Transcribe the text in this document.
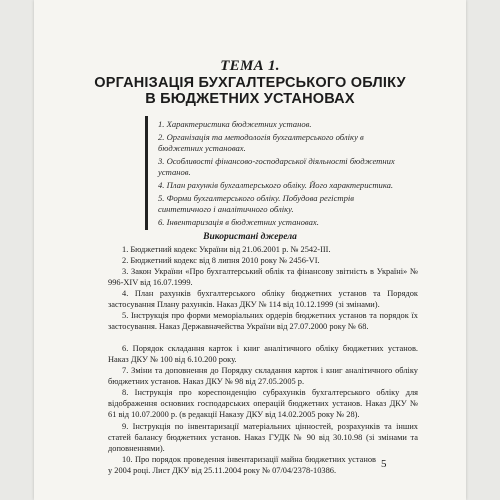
ТЕМА 1.
ОРГАНІЗАЦІЯ БУХГАЛТЕРСЬКОГО ОБЛІКУ
В БЮДЖЕТНИХ УСТАНОВАХ
1. Характеристика бюджетних установ.
2. Організація та методологія бухгалтерського обліку в бюджетних установах.
3. Особливості фінансово-господарської діяльності бюджетних установ.
4. План рахунків бухгалтерського обліку. Його характеристика.
5. Форми бухгалтерського обліку. Побудова регістрів синтетичного і аналітичного обліку.
6. Інвентаризація в бюджетних установах.
Використані джерела
1. Бюджетний кодекс України від 21.06.2001 р. № 2542-ІІІ.
2. Бюджетний кодекс від 8 липня 2010 року № 2456-VІ.
3. Закон України «Про бухгалтерський облік та фінансову звітність в Україні» № 996-XIV від 16.07.1999.
4. План рахунків бухгалтерського обліку бюджетних установ та Порядок застосування Плану рахунків. Наказ ДКУ № 114 від 10.12.1999 (зі змінами).
5. Інструкція про форми меморіальних ордерів бюджетних установ та порядок їх застосування. Наказ Державначейства України від 27.07.2000 року № 68.
6. Порядок складання карток і книг аналітичного обліку бюджетних установ. Наказ ДКУ № 100 від 6.10.200 року.
7. Зміни та доповнення до Порядку складання карток і книг аналітичного обліку бюджетних установ. Наказ ДКУ № 98 від 27.05.2005 р.
8. Інструкція про кореспонденцію субрахунків бухгалтерського обліку для відображення основних господарських операцій бюджетних установ. Наказ ДКУ № 61 від 10.07.2000 р. (в редакції Наказу ДКУ від 14.02.2005 року № 28).
9. Інструкція по інвентаризації матеріальних цінностей, розрахунків та інших статей балансу бюджетних установ. Наказ ГУДК № 90 від 30.10.98 (зі змінами та доповненнями).
10. Про порядок проведення інвентаризації майна бюджетних установ у 2004 році. Лист ДКУ від 25.11.2004 року № 07/04/2378-10386.
5
